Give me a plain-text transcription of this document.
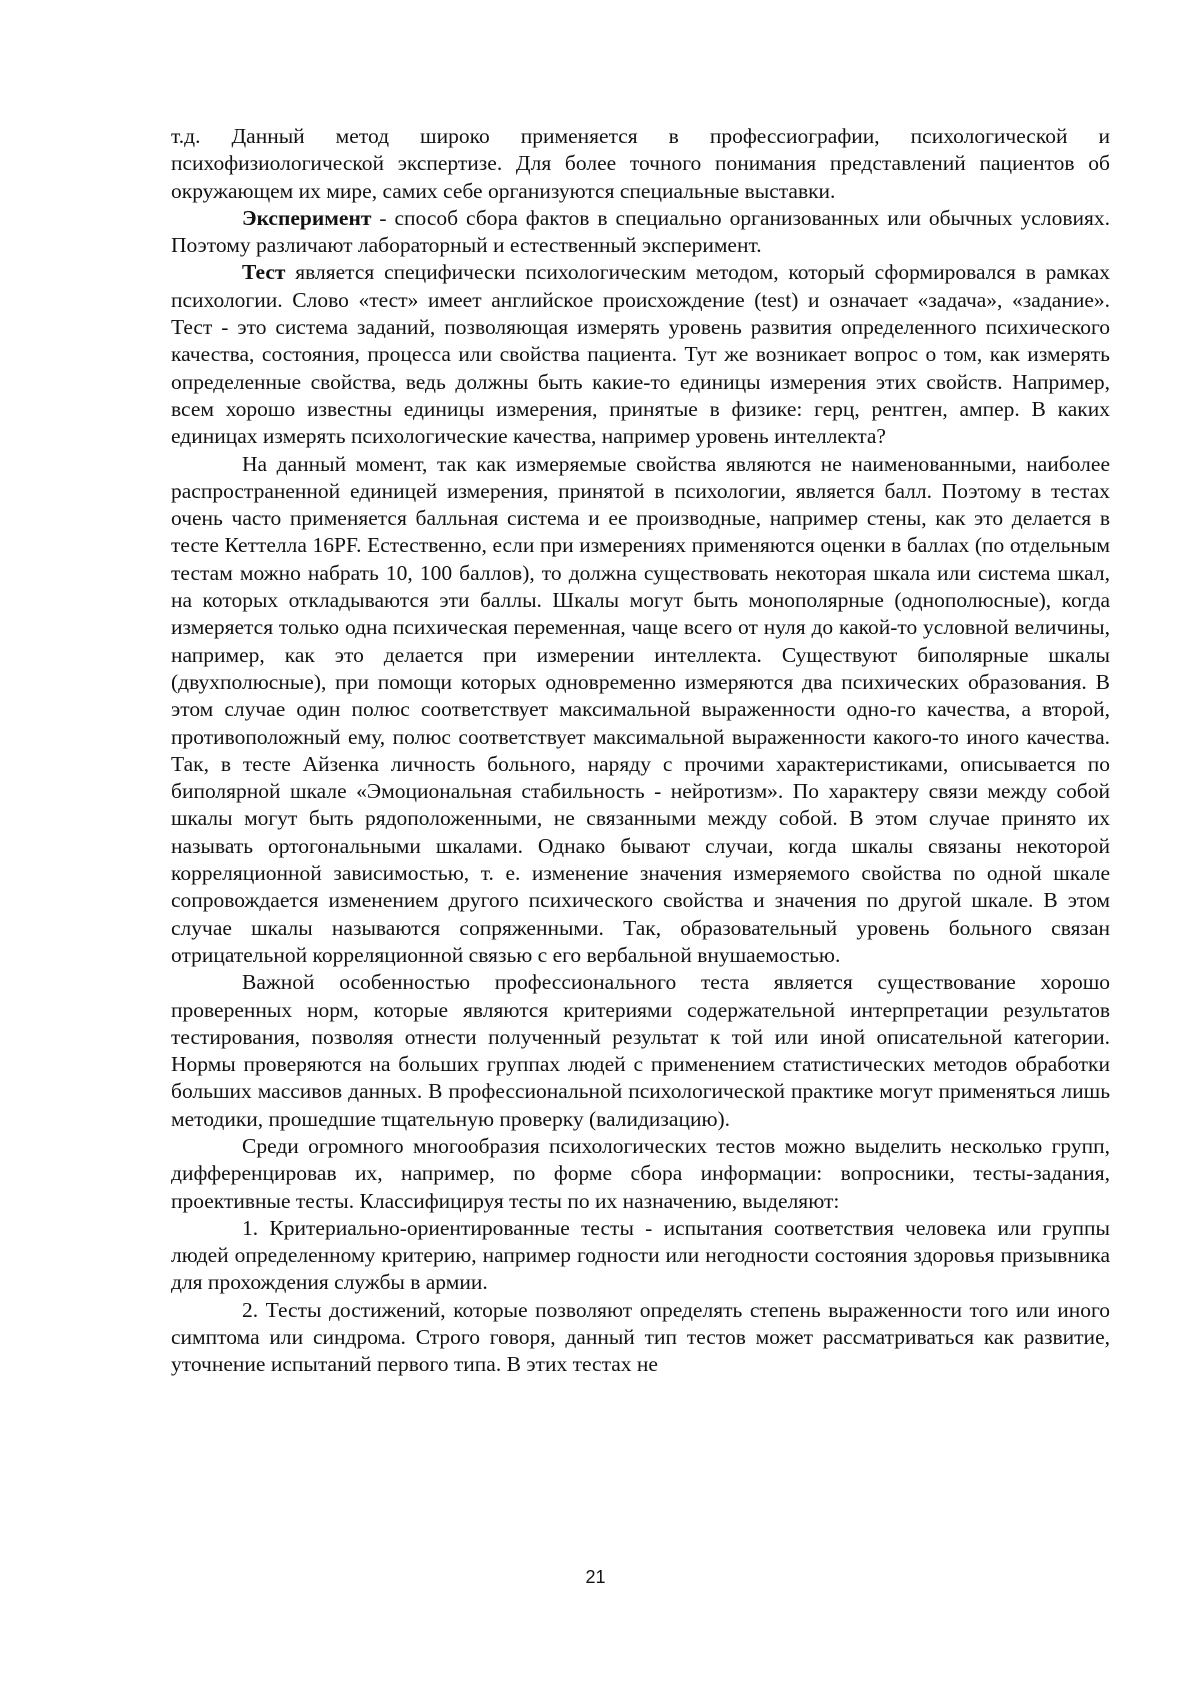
т.д. Данный метод широко применяется в профессиографии, психологической и психофизиологической экспертизе. Для более точного понимания представлений пациентов об окружающем их мире, самих себе организуются специальные выставки.

Эксперимент - способ сбора фактов в специально организованных или обычных условиях. Поэтому различают лабораторный и естественный эксперимент.

Тест является специфически психологическим методом, который сформировался в рамках психологии. Слово «тест» имеет английское происхождение (test) и означает «задача», «задание». Тест - это система заданий, позволяющая измерять уровень развития определенного психического качества, состояния, процесса или свойства пациента. Тут же возникает вопрос о том, как измерять определенные свойства, ведь должны быть какие-то единицы измерения этих свойств. Например, всем хорошо известны единицы измерения, принятые в физике: герц, рентген, ампер. В каких единицах измерять психологические качества, например уровень интеллекта?

На данный момент, так как измеряемые свойства являются не наименованными, наиболее распространенной единицей измерения, принятой в психологии, является балл. Поэтому в тестах очень часто применяется балльная система и ее производные, например стены, как это делается в тесте Кеттелла 16PF. Естественно, если при измерениях применяются оценки в баллах (по отдельным тестам можно набрать 10, 100 баллов), то должна существовать некоторая шкала или система шкал, на которых откладываются эти баллы. Шкалы могут быть монополярные (однополюсные), когда измеряется только одна психическая переменная, чаще всего от нуля до какой-то условной величины, например, как это делается при измерении интеллекта. Существуют биполярные шкалы (двухполюсные), при помощи которых одновременно измеряются два психических образования. В этом случае один полюс соответствует максимальной выраженности одно-го качества, а второй, противоположный ему, полюс соответствует максимальной выраженности какого-то иного качества. Так, в тесте Айзенка личность больного, наряду с прочими характеристиками, описывается по биполярной шкале «Эмоциональная стабильность - нейротизм». По характеру связи между собой шкалы могут быть рядоположенными, не связанными между собой. В этом случае принято их называть ортогональными шкалами. Однако бывают случаи, когда шкалы связаны некоторой корреляционной зависимостью, т. е. изменение значения измеряемого свойства по одной шкале сопровождается изменением другого психического свойства и значения по другой шкале. В этом случае шкалы называются сопряженными. Так, образовательный уровень больного связан отрицательной корреляционной связью с его вербальной внушаемостью.

Важной особенностью профессионального теста является существование хорошо проверенных норм, которые являются критериями содержательной интерпретации результатов тестирования, позволяя отнести полученный результат к той или иной описательной категории. Нормы проверяются на больших группах людей с применением статистических методов обработки больших массивов данных. В профессиональной психологической практике могут применяться лишь методики, прошедшие тщательную проверку (валидизацию).

Среди огромного многообразия психологических тестов можно выделить несколько групп, дифференцировав их, например, по форме сбора информации: вопросники, тесты-задания, проективные тесты. Классифицируя тесты по их назначению, выделяют:

1. Критериально-ориентированные тесты - испытания соответствия человека или группы людей определенному критерию, например годности или негодности состояния здоровья призывника для прохождения службы в армии.

2. Тесты достижений, которые позволяют определять степень выраженности того или иного симптома или синдрома. Строго говоря, данный тип тестов может рассматриваться как развитие, уточнение испытаний первого типа. В этих тестах не

21
